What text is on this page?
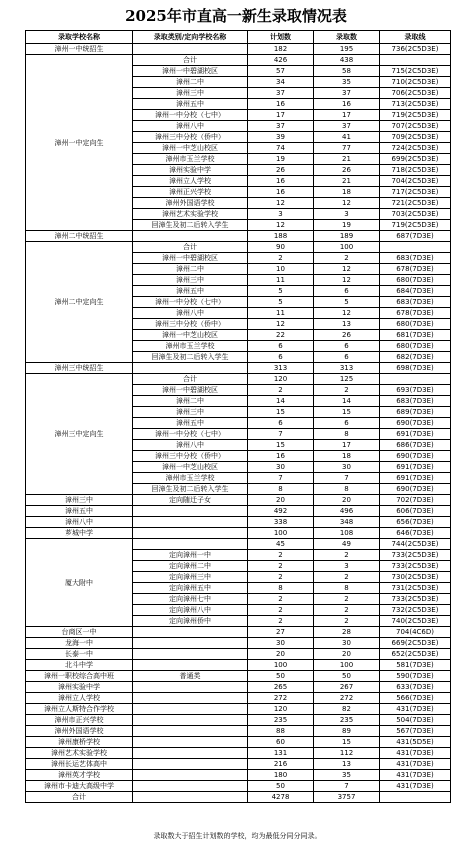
2025年市直高一新生录取情况表
录取学校名称	录取类别/定向学校名称	计划数	录取数	录取线
漳州一中统招生		182	195	736(2C5D3E)
漳州一中定向生	合计	426	438	
	漳州一中碧湖校区	57	58	715(2C5D3E)
	漳州二中	34	35	710(2C5D3E)
	漳州三中	37	37	706(2C5D3E)
	漳州五中	16	16	713(2C5D3E)
	漳州一中分校（七中）	17	17	719(2C5D3E)
	漳州八中	37	37	707(2C5D3E)
	漳州三中分校（侨中）	39	41	709(2C5D3E)
	漳州一中芝山校区	74	77	724(2C5D3E)
	漳州市玉兰学校	19	21	699(2C5D3E)
	漳州实验中学	26	26	718(2C5D3E)
	漳州立人学校	16	21	704(2C5D3E)
	漳州正兴学校	16	18	717(2C5D3E)
	漳州外国语学校	12	12	721(2C5D3E)
	漳州艺术实验学校	3	3	703(2C5D3E)
	回漳生及初二后转入学生	12	19	719(2C5D3E)
漳州二中统招生		188	189	687(7D3E)
漳州二中定向生	合计	90	100	
	漳州一中碧湖校区	2	2	683(7D3E)
	漳州二中	10	12	678(7D3E)
	漳州三中	11	12	680(7D3E)
	漳州五中	5	6	684(7D3E)
	漳州一中分校（七中）	5	5	683(7D3E)
	漳州八中	11	12	678(7D3E)
	漳州三中分校（侨中）	12	13	680(7D3E)
	漳州一中芝山校区	22	26	681(7D3E)
	漳州市玉兰学校	6	6	680(7D3E)
	回漳生及初二后转入学生	6	6	682(7D3E)
漳州三中统招生		313	313	698(7D3E)
漳州三中定向生	合计	120	125	
	漳州一中碧湖校区	2	2	693(7D3E)
	漳州二中	14	14	683(7D3E)
	漳州三中	15	15	689(7D3E)
	漳州五中	6	6	690(7D3E)
	漳州一中分校（七中）	7	8	691(7D3E)
	漳州八中	15	17	686(7D3E)
	漳州三中分校（侨中）	16	18	690(7D3E)
	漳州一中芝山校区	30	30	691(7D3E)
	漳州市玉兰学校	7	7	691(7D3E)
	回漳生及初二后转入学生	8	8	690(7D3E)
漳州三中	定向随迁子女	20	20	702(7D3E)
漳州五中		492	496	606(7D3E)
漳州八中		338	348	656(7D3E)
芗城中学		100	108	646(7D3E)
厦大附中		45	49	744(2C5D3E)
	定向漳州一中	2	2	733(2C5D3E)
	定向漳州二中	2	3	733(2C5D3E)
	定向漳州三中	2	2	730(2C5D3E)
	定向漳州五中	8	8	731(2C5D3E)
	定向漳州七中	2	2	733(2C5D3E)
	定向漳州八中	2	2	732(2C5D3E)
	定向漳州侨中	2	2	740(2C5D3E)
台商区一中		27	28	704(4C6D)
龙海一中		30	30	669(2C5D3E)
长泰一中		20	20	652(2C5D3E)
北斗中学		100	100	581(7D3E)
漳州一职校综合高中班	普通类	50	50	590(7D3E)
漳州实验中学		265	267	633(7D3E)
漳州立人学校		272	272	566(7D3E)
漳州立人斯特合作学校		120	82	431(7D3E)
漳州市正兴学校		235	235	504(7D3E)
漳州外国语学校		88	89	567(7D3E)
漳州康桥学校		60	15	431(5D5E)
漳州艺术实验学校		131	112	431(7D3E)
漳州长运艺体高中		216	13	431(7D3E)
漳州英才学校		180	35	431(7D3E)
漳州市卡迪大高级中学		50	7	431(7D3E)
合计		4278	3757	
录取数大于招生计划数的学校，均为最低分同分同录。
